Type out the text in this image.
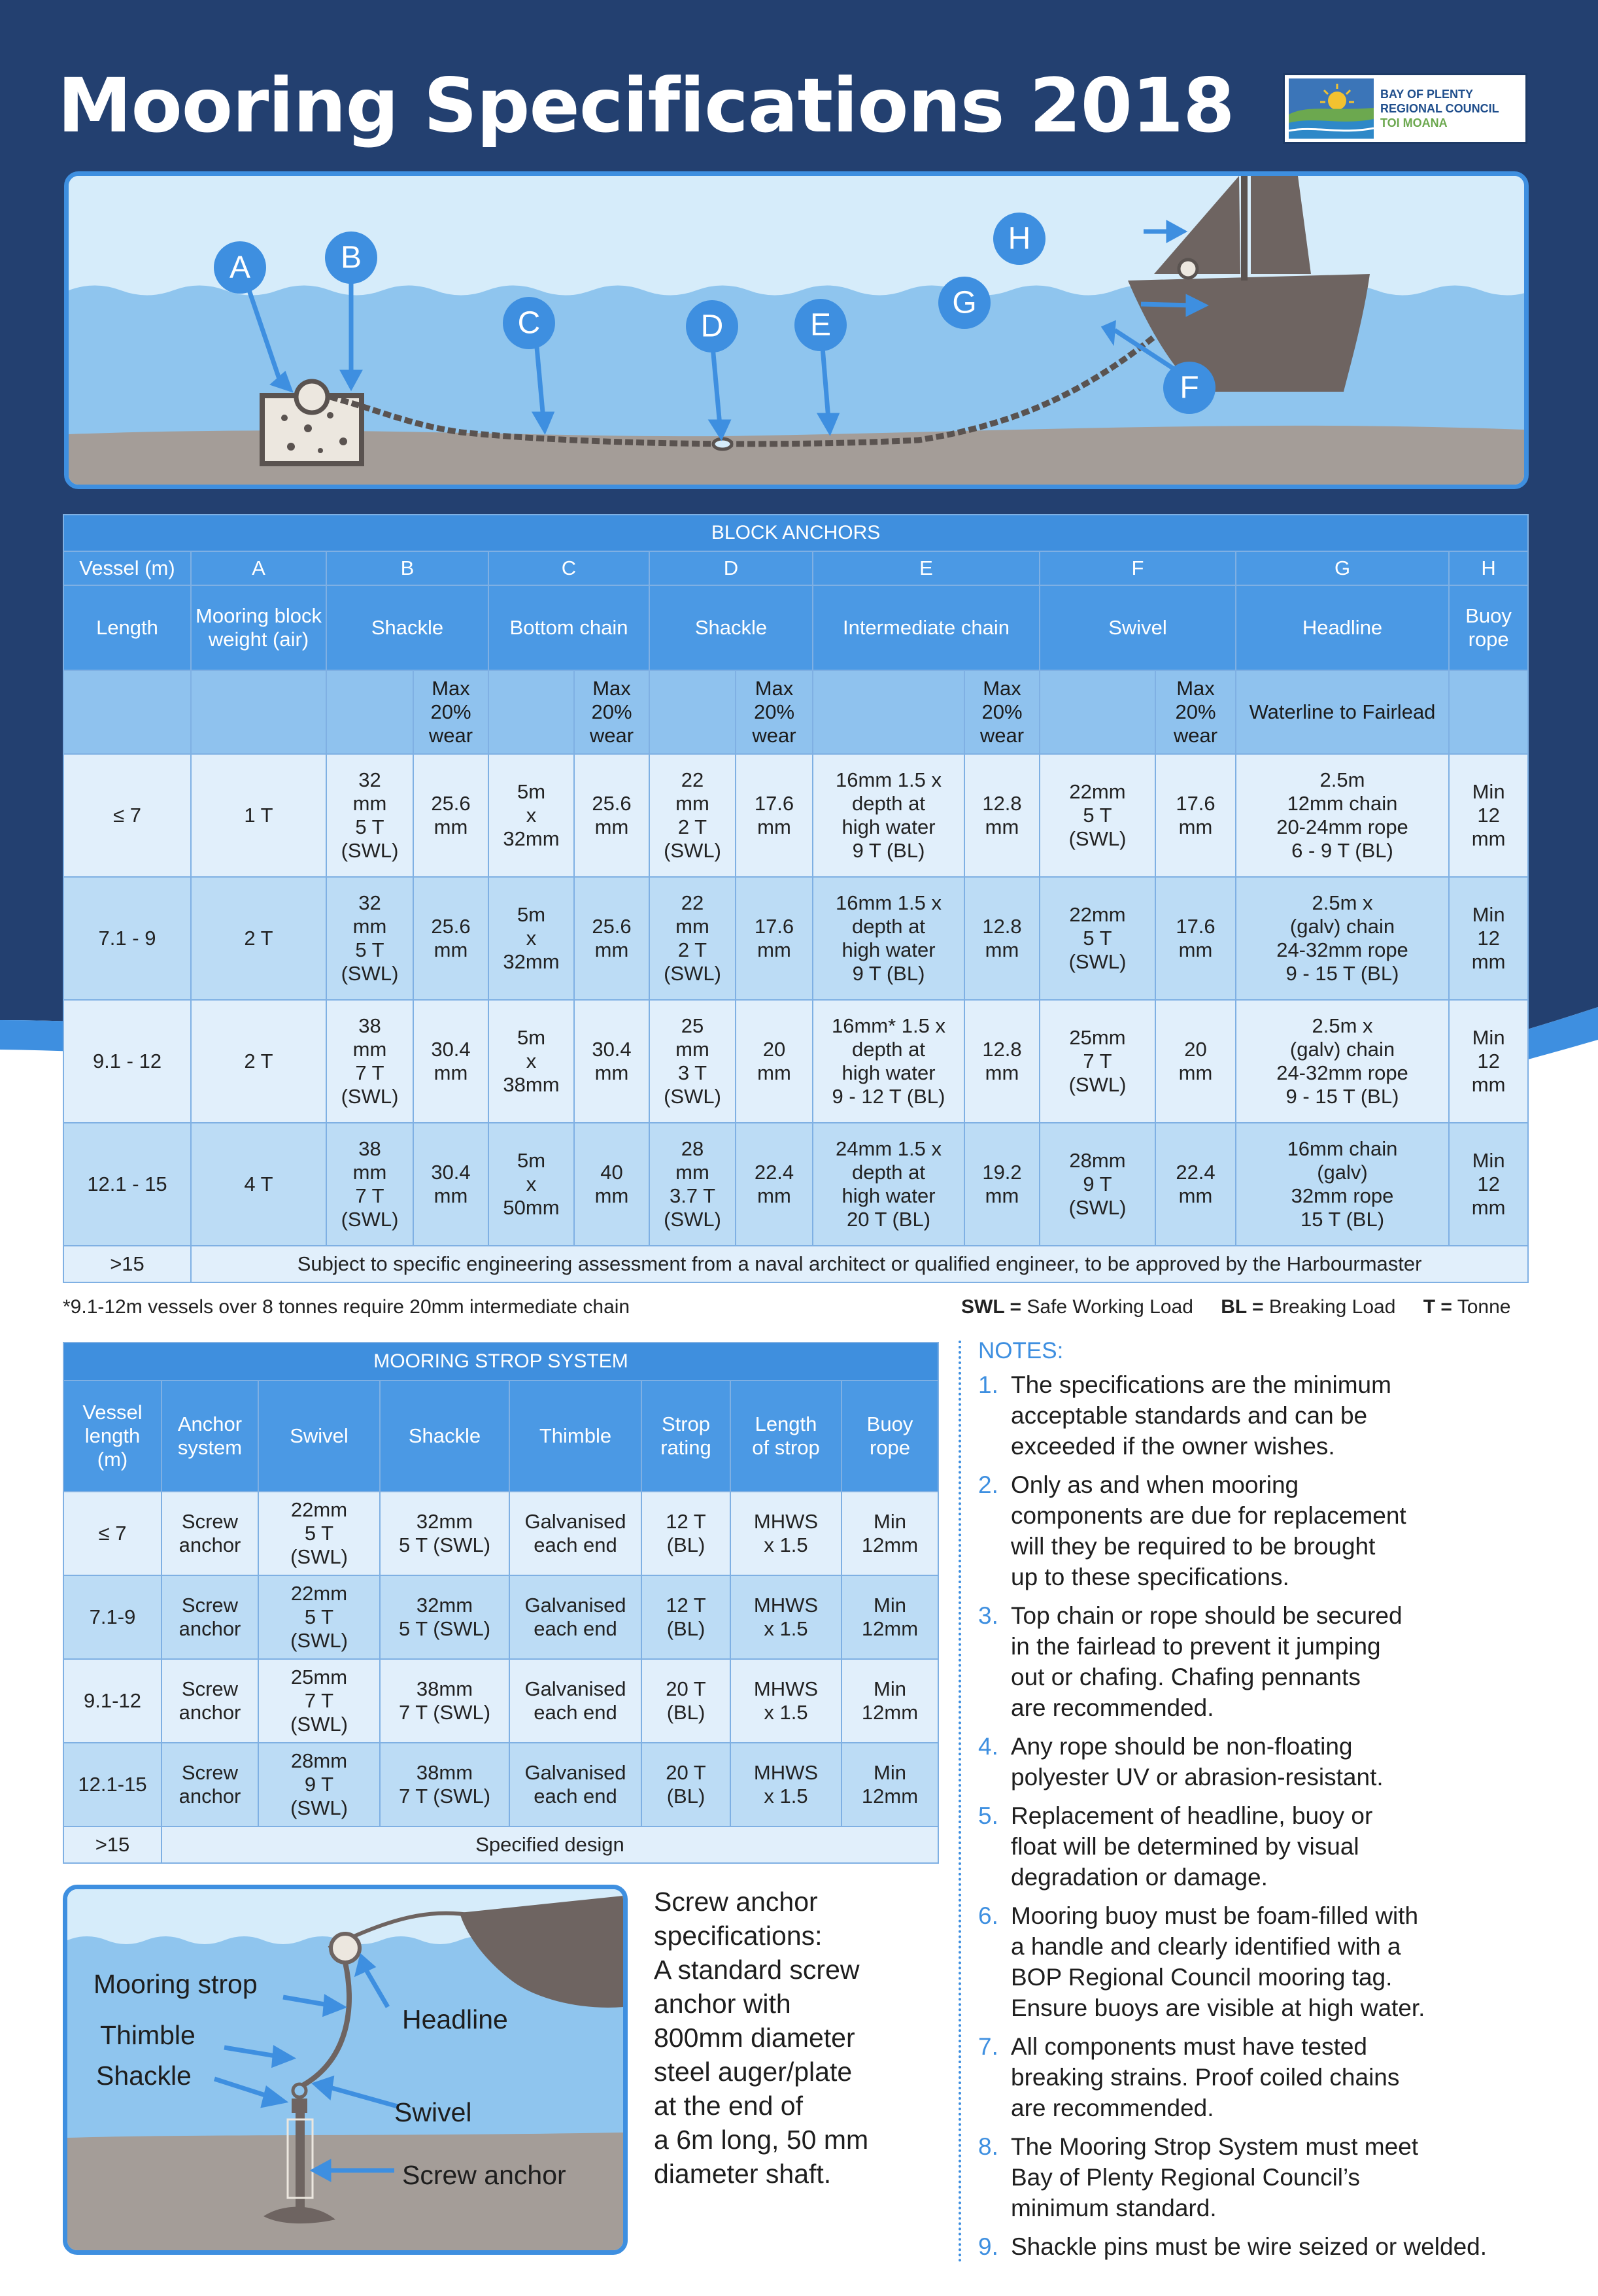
Mooring Specifications 2018	BAY OF PLENTY
REGIONAL COUNCIL
TOI MOANA
A	B
C	D	E
F
G
H
BLOCK ANCHORS													
Vessel (m)	A	B		C		D		E		F		G	H
Length	Mooring block weight (air)	Shackle		Bottom chain		Shackle		Intermediate chain		Swivel		Headline	Buoy rope
			Max 20% wear		Max 20% wear		Max 20% wear		Max 20% wear		Max 20% wear	Waterline to Fairlead	
≤ 7	1 T	32
mm
5 T
(SWL)	25.6
mm	5m
x
32mm	25.6
mm	22
mm
2 T
(SWL)	17.6
mm	16mm 1.5 x
depth at
high water
9 T (BL)	12.8
mm	22mm
5 T
(SWL)	17.6
mm	2.5m
12mm chain
20-24mm rope
6 - 9 T (BL)	Min
12
mm

7.1 - 9	2 T	32
mm
5 T
(SWL)	25.6
mm	5m
x
32mm	25.6
mm	22
mm
2 T
(SWL)	17.6
mm	16mm 1.5 x
depth at
high water
9 T (BL)	12.8
mm	22mm
5 T
(SWL)	17.6
mm	2.5m x
(galv) chain
24-32mm rope
9 - 15 T (BL)	Min
12
mm

9.1 - 12	2 T	38
mm
7 T
(SWL)	30.4
mm	5m
x
38mm	30.4
mm	25
mm
3 T
(SWL)	20
mm	16mm* 1.5 x
depth at
high water
9 - 12 T (BL)	12.8
mm	25mm
7 T
(SWL)	20
mm	2.5m x
(galv) chain
24-32mm rope
9 - 15 T (BL)	Min
12
mm

12.1 - 15	4 T	38
mm
7 T
(SWL)	30.4
mm	5m
x
50mm	40
mm	28
mm
3.7 T
(SWL)	22.4
mm	24mm 1.5 x
depth at
high water
20 T (BL)	19.2
mm	28mm
9 T
(SWL)	22.4
mm	16mm chain
(galv)
32mm rope
15 T (BL)	Min
12
mm

>15	Subject to specific engineering assessment from a naval architect or qualified engineer, to be approved by the Harbourmaster												
*9.1-12m vessels over 8 tonnes require 20mm intermediate chain	SWL = Safe Working Load BL = Breaking Load T = Tonne
MOORING STROP SYSTEM							

Vessel
length
(m)	Anchor
system	Swivel	Shackle	Thimble	Strop
rating	Length
of strop	Buoy
rope

≤ 7	Screw
anchor	22mm
5 T
(SWL)	32mm
5 T (SWL)	Galvanised
each end	12 T
(BL)	MHWS
x 1.5	Min
12mm

7.1-9	Screw
anchor	22mm
5 T
(SWL)	32mm
5 T (SWL)	Galvanised
each end	12 T
(BL)	MHWS
x 1.5	Min
12mm

9.1-12	Screw
anchor	25mm
7 T
(SWL)	38mm
7 T (SWL)	Galvanised
each end	20 T
(BL)	MHWS
x 1.5	Min
12mm

12.1-15	Screw
anchor	28mm
9 T
(SWL)	38mm
7 T (SWL)	Galvanised
each end	20 T
(BL)	MHWS
x 1.5	Min
12mm

>15	Specified design						
Mooring strop
Thimble
Shackle
Headline
Swivel
Screw anchor
Screw anchor
specifications:
A standard screw
anchor with
800mm diameter
steel auger/plate
at the end of
a 6m long, 50 mm
diameter shaft.
NOTES:
1. The specifications are the minimum
acceptable standards and can be
exceeded if the owner wishes.
2. Only as and when mooring
components are due for replacement
will they be required to be brought
up to these specifications.
3. Top chain or rope should be secured
in the fairlead to prevent it jumping
out or chafing. Chafing pennants
are recommended.
4. Any rope should be non-floating
polyester UV or abrasion-resistant.
5. Replacement of headline, buoy or
float will be determined by visual
degradation or damage.
6. Mooring buoy must be foam-filled with
a handle and clearly identified with a
BOP Regional Council mooring tag.
Ensure buoys are visible at high water.
7. All components must have tested
breaking strains. Proof coiled chains
are recommended.
8. The Mooring Strop System must meet
Bay of Plenty Regional Council’s
minimum standard.
9. Shackle pins must be wire seized or welded.
